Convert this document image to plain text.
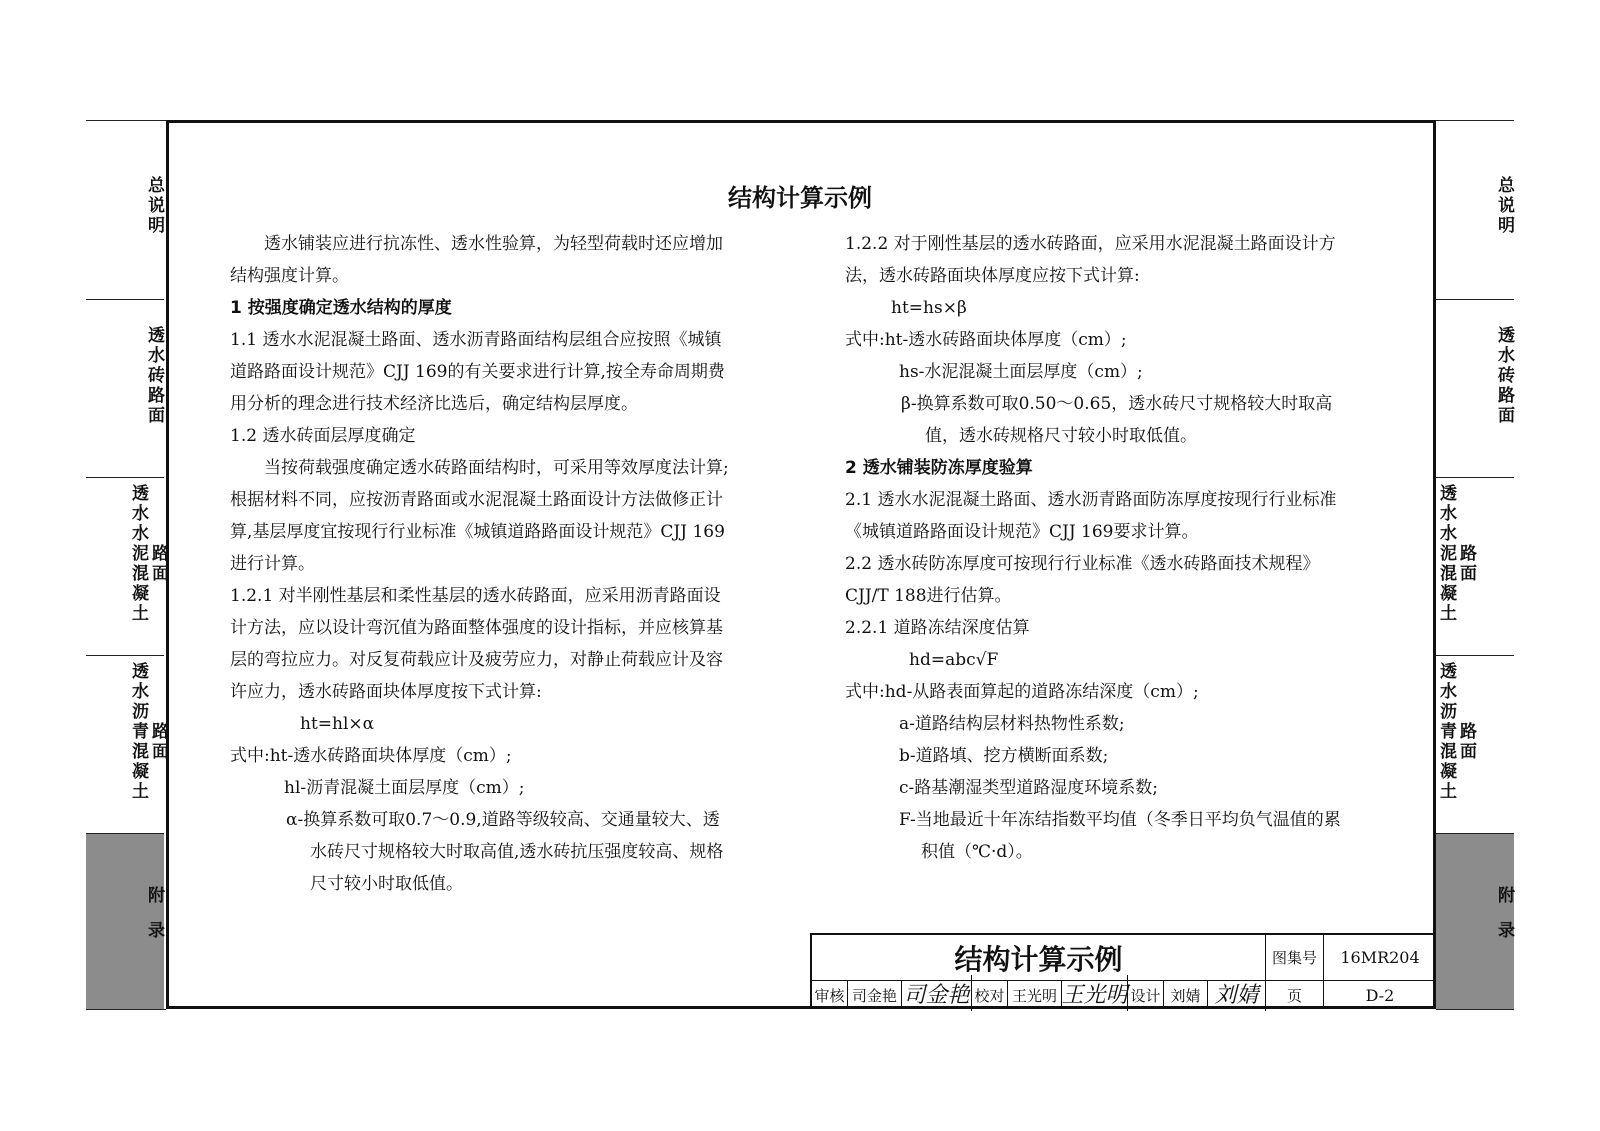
总说明
透水砖路面
透水水泥混凝土 路面
透水沥青混凝土 路面
附录
总说明
透水砖路面
透水水泥混凝土 路面
透水沥青混凝土 路面
附录
结构计算示例

透水铺装应进行抗冻性、透水性验算，为轻型荷载时还应增加

结构强度计算。

1 按强度确定透水结构的厚度

1.1 透水水泥混凝土路面、透水沥青路面结构层组合应按照《城镇

道路路面设计规范》CJJ 169的有关要求进行计算,按全寿命周期费

用分析的理念进行技术经济比选后，确定结构层厚度。

1.2 透水砖面层厚度确定

当按荷载强度确定透水砖路面结构时，可采用等效厚度法计算;

根据材料不同，应按沥青路面或水泥混凝土路面设计方法做修正计

算,基层厚度宜按现行行业标准《城镇道路路面设计规范》CJJ 169

进行计算。

1.2.1 对半刚性基层和柔性基层的透水砖路面，应采用沥青路面设

计方法，应以设计弯沉值为路面整体强度的设计指标，并应核算基

层的弯拉应力。对反复荷载应计及疲劳应力，对静止荷载应计及容

许应力，透水砖路面块体厚度按下式计算:

ht=hl×α

式中:ht-透水砖路面块体厚度（cm）;

hl-沥青混凝土面层厚度（cm）;

α-换算系数可取0.7～0.9,道路等级较高、交通量较大、透

水砖尺寸规格较大时取高值,透水砖抗压强度较高、规格

尺寸较小时取低值。

1.2.2 对于刚性基层的透水砖路面，应采用水泥混凝土路面设计方

法，透水砖路面块体厚度应按下式计算:

ht=hs×β

式中:ht-透水砖路面块体厚度（cm）;

hs-水泥混凝土面层厚度（cm）;

β-换算系数可取0.50～0.65，透水砖尺寸规格较大时取高

值，透水砖规格尺寸较小时取低值。

2 透水铺装防冻厚度验算

2.1 透水水泥混凝土路面、透水沥青路面防冻厚度按现行行业标准

《城镇道路路面设计规范》CJJ 169要求计算。

2.2 透水砖防冻厚度可按现行行业标准《透水砖路面技术规程》

CJJ/T 188进行估算。

2.2.1 道路冻结深度估算

hd=abc√F

式中:hd-从路表面算起的道路冻结深度（cm）;

a-道路结构层材料热物性系数;

b-道路填、挖方横断面系数;

c-路基潮湿类型道路湿度环境系数;

F-当地最近十年冻结指数平均值（冬季日平均负气温值的累

积值（℃·d）。

结构计算示例	图集号	16MR204
审核 司金艳 司金艳 校对 王光明 王光明 设计 刘婧 刘婧	页	D-2
